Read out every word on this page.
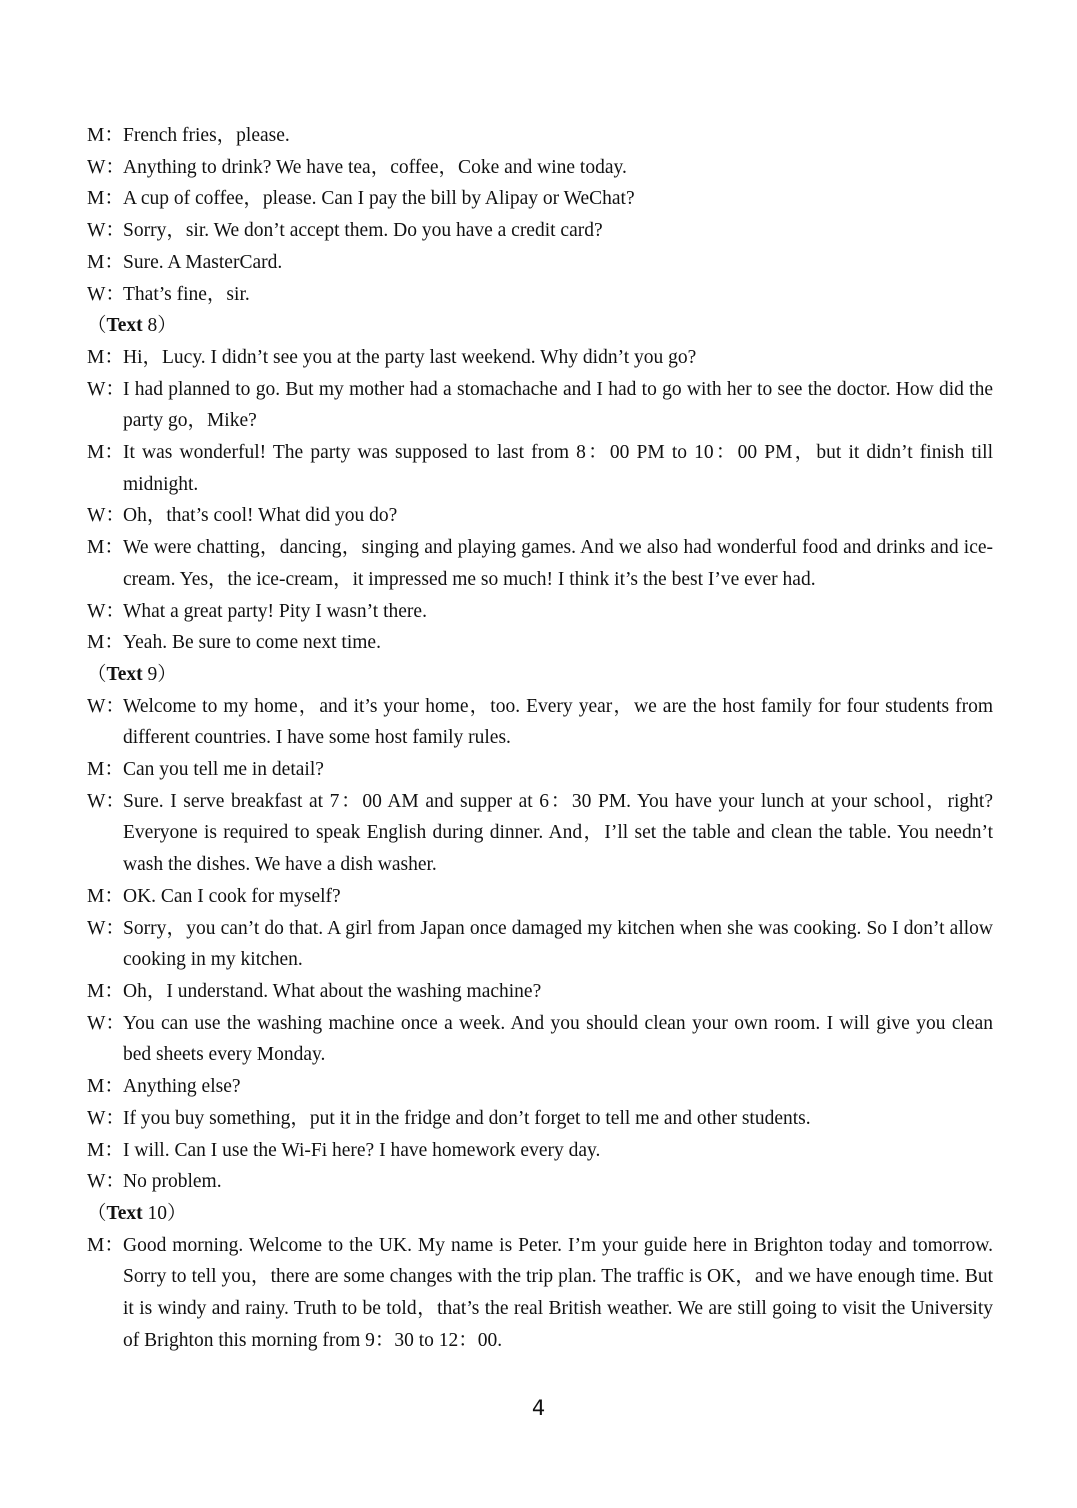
M：French fries，please.
W：Anything to drink? We have tea，coffee，Coke and wine today.
M：A cup of coffee，please. Can I pay the bill by Alipay or WeChat?
W：Sorry，sir. We don’t accept them. Do you have a credit card?
M：Sure. A MasterCard.
W：That’s fine，sir.
（Text 8）
M：Hi，Lucy. I didn’t see you at the party last weekend. Why didn’t you go?
W：I had planned to go. But my mother had a stomachache and I had to go with her to see the doctor. How did the party go，Mike?
M：It was wonderful! The party was supposed to last from 8：00 PM to 10：00 PM，but it didn’t finish till midnight.
W：Oh，that’s cool! What did you do?
M：We were chatting，dancing，singing and playing games. And we also had wonderful food and drinks and ice-cream. Yes，the ice-cream，it impressed me so much! I think it’s the best I’ve ever had.
W：What a great party! Pity I wasn’t there.
M：Yeah. Be sure to come next time.
（Text 9）
W：Welcome to my home，and it’s your home，too. Every year，we are the host family for four students from different countries. I have some host family rules.
M：Can you tell me in detail?
W：Sure. I serve breakfast at 7：00 AM and supper at 6：30 PM. You have your lunch at your school，right? Everyone is required to speak English during dinner. And，I’ll set the table and clean the table. You needn’t wash the dishes. We have a dish washer.
M：OK. Can I cook for myself?
W：Sorry，you can’t do that. A girl from Japan once damaged my kitchen when she was cooking. So I don’t allow cooking in my kitchen.
M：Oh，I understand. What about the washing machine?
W：You can use the washing machine once a week. And you should clean your own room. I will give you clean bed sheets every Monday.
M：Anything else?
W：If you buy something，put it in the fridge and don’t forget to tell me and other students.
M：I will. Can I use the Wi-Fi here? I have homework every day.
W：No problem.
（Text 10）
M：Good morning. Welcome to the UK. My name is Peter. I’m your guide here in Brighton today and tomorrow. Sorry to tell you，there are some changes with the trip plan. The traffic is OK，and we have enough time. But it is windy and rainy. Truth to be told，that’s the real British weather. We are still going to visit the University of Brighton this morning from 9：30 to 12：00.
4
